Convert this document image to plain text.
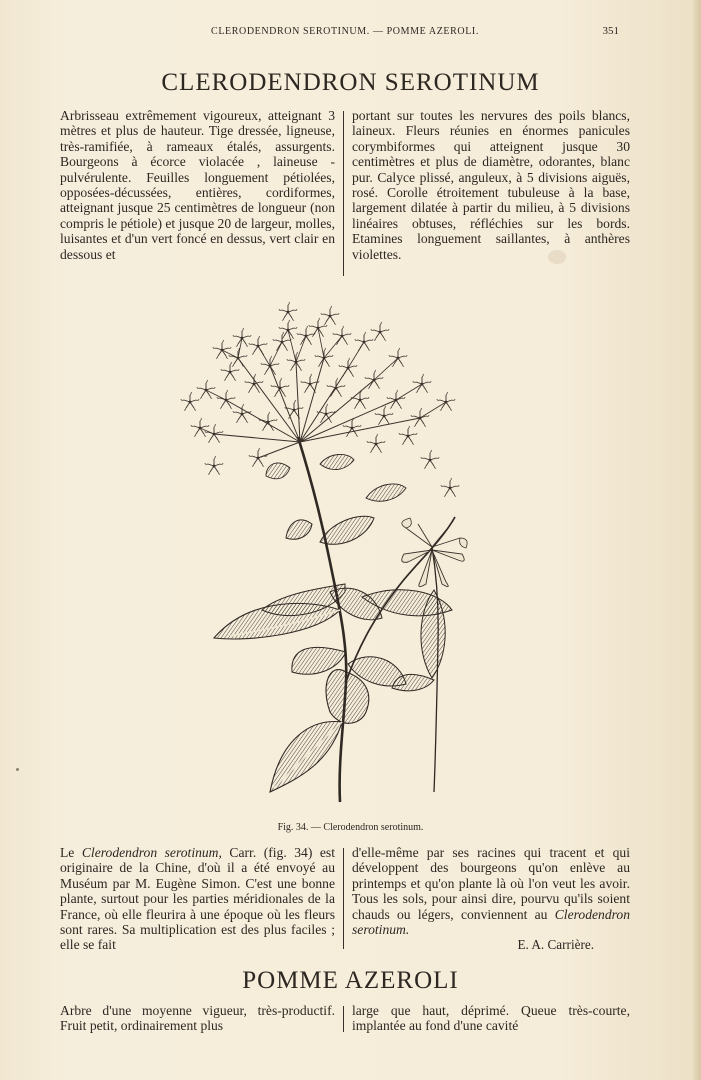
CLERODENDRON SEROTINUM. — POMME AZEROLI.	351
CLERODENDRON SEROTINUM
Arbrisseau extrêmement vigoureux, atteignant 3 mètres et plus de hauteur. Tige dressée, ligneuse, très-ramifiée, à rameaux étalés, assurgents. Bourgeons à écorce violacée , laineuse - pulvérulente. Feuilles longuement pétiolées, opposées-décussées, entières, cordiformes, atteignant jusque 25 centimètres de longueur (non compris le pétiole) et jusque 20 de largeur, molles, luisantes et d'un vert foncé en dessus, vert clair en dessous et
portant sur toutes les nervures des poils blancs, laineux. Fleurs réunies en énormes panicules corymbiformes qui atteignent jusque 30 centimètres et plus de diamètre, odorantes, blanc pur. Calyce plissé, anguleux, à 5 divisions aiguës, rosé. Corolle étroitement tubuleuse à la base, largement dilatée à partir du milieu, à 5 divisions linéaires obtuses, réfléchies sur les bords. Etamines longuement saillantes, à anthères violettes.
Fig. 34. — Clerodendron serotinum.
Le Clerodendron serotinum, Carr. (fig. 34) est originaire de la Chine, d'où il a été envoyé au Muséum par M. Eugène Simon. C'est une bonne plante, surtout pour les parties méridionales de la France, où elle fleurira à une époque où les fleurs sont rares. Sa multiplication est des plus faciles ; elle se fait
d'elle-même par ses racines qui tracent et qui développent des bourgeons qu'on enlève au printemps et qu'on plante là où l'on veut les avoir. Tous les sols, pour ainsi dire, pourvu qu'ils soient chauds ou légers, conviennent au Clerodendron serotinum.
E. A. Carrière.
POMME AZEROLI
Arbre d'une moyenne vigueur, très-productif. Fruit petit, ordinairement plus
large que haut, déprimé. Queue très-courte, implantée au fond d'une cavité
